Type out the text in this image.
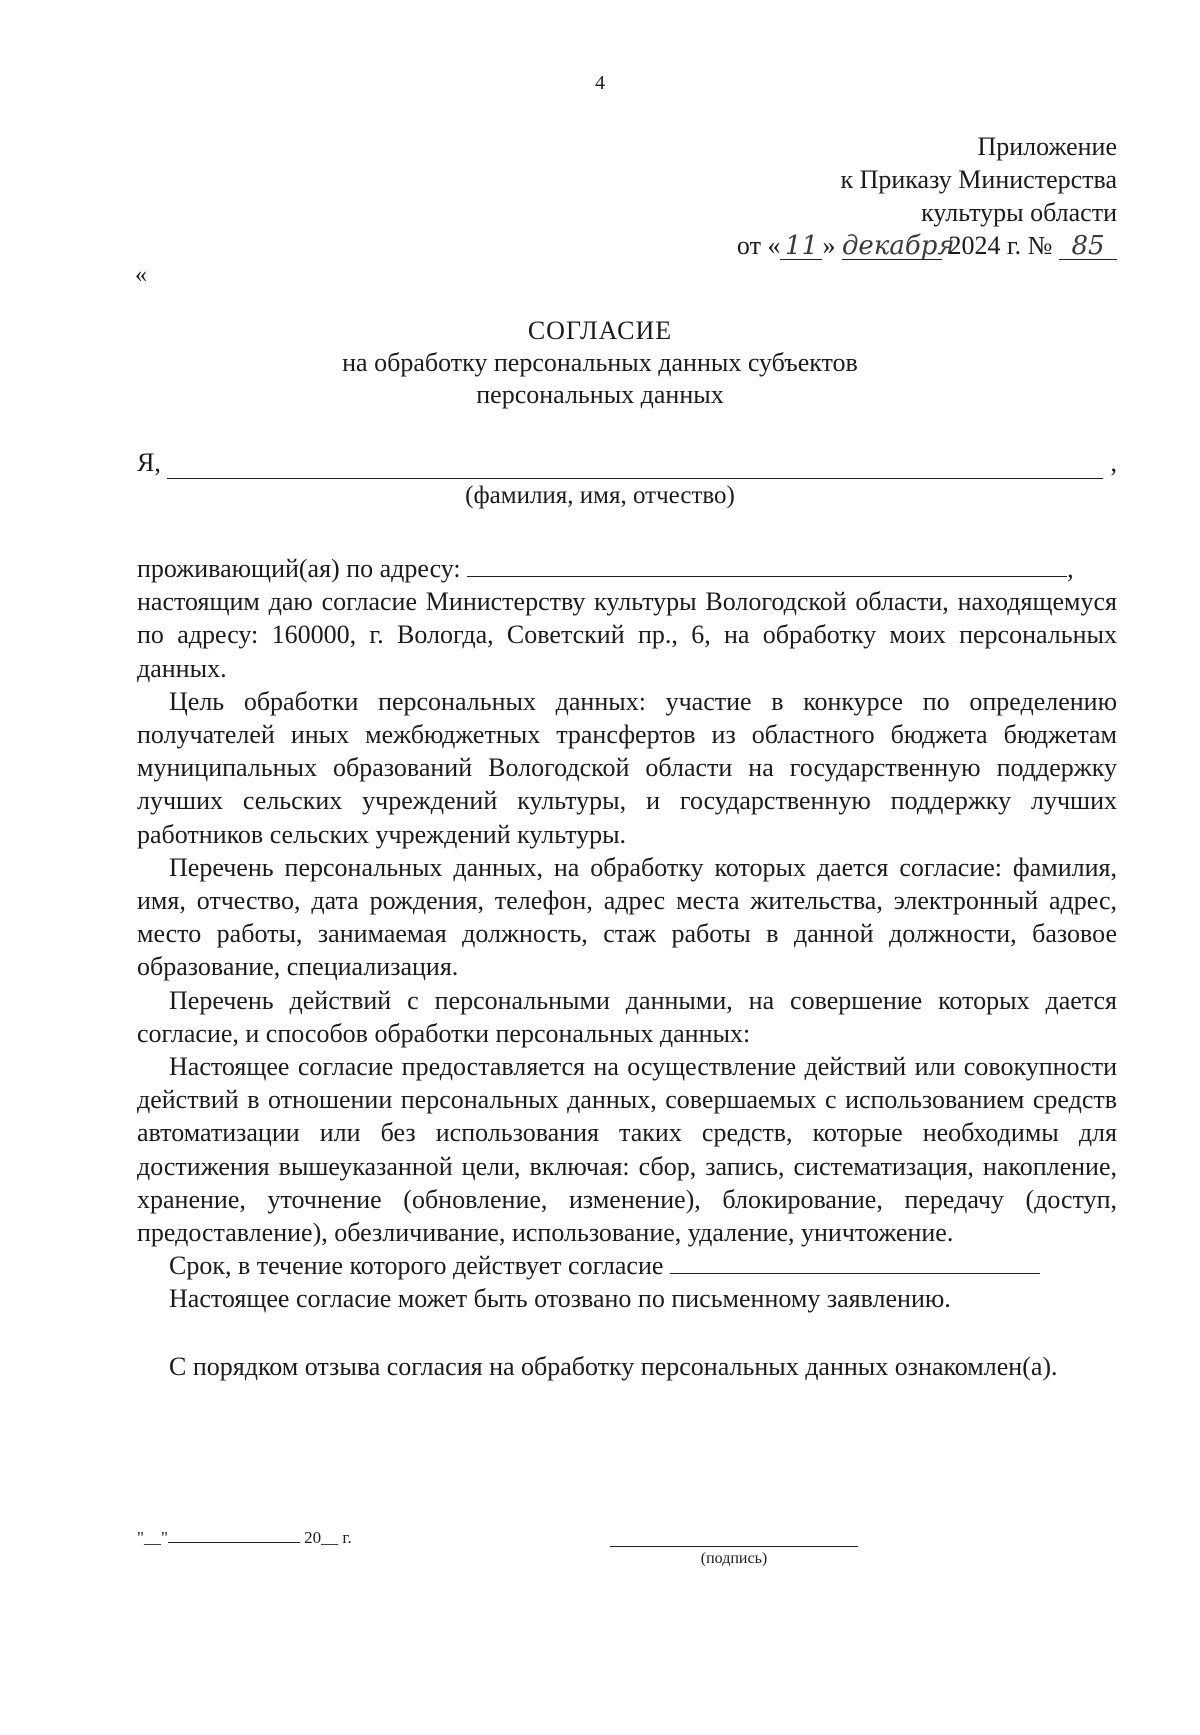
4
Приложение
к Приказу Министерства
культуры области
от « 11 » декабря 2024 г. № 85
«
СОГЛАСИЕ
на обработку персональных данных субъектов
персональных данных
Я,	,
(фамилия, имя, отчество)

проживающий(ая) по адресу:	,

настоящим даю согласие Министерству культуры Вологодской области, находящемуся по адресу: 160000, г. Вологда, Советский пр., 6, на обработку моих персональных данных.

Цель обработки персональных данных: участие в конкурсе по определению получателей иных межбюджетных трансфертов из областного бюджета бюджетам муниципальных образований Вологодской области на государственную поддержку лучших сельских учреждений культуры, и государственную поддержку лучших работников сельских учреждений культуры.

Перечень персональных данных, на обработку которых дается согласие: фамилия, имя, отчество, дата рождения, телефон, адрес места жительства, электронный адрес, место работы, занимаемая должность, стаж работы в данной должности, базовое образование, специализация.

Перечень действий с персональными данными, на совершение которых дается согласие, и способов обработки персональных данных:

Настоящее согласие предоставляется на осуществление действий или совокупности действий в отношении персональных данных, совершаемых с использованием средств автоматизации или без использования таких средств, которые необходимы для достижения вышеуказанной цели, включая: сбор, запись, систематизация, накопление, хранение, уточнение (обновление, изменение), блокирование, передачу (доступ, предоставление), обезличивание, использование, удаление, уничтожение.

Срок, в течение которого действует согласие

Настоящее согласие может быть отозвано по письменному заявлению.

С порядком отзыва согласия на обработку персональных данных ознакомлен(а).

"__"	20__ г.
(подпись)
